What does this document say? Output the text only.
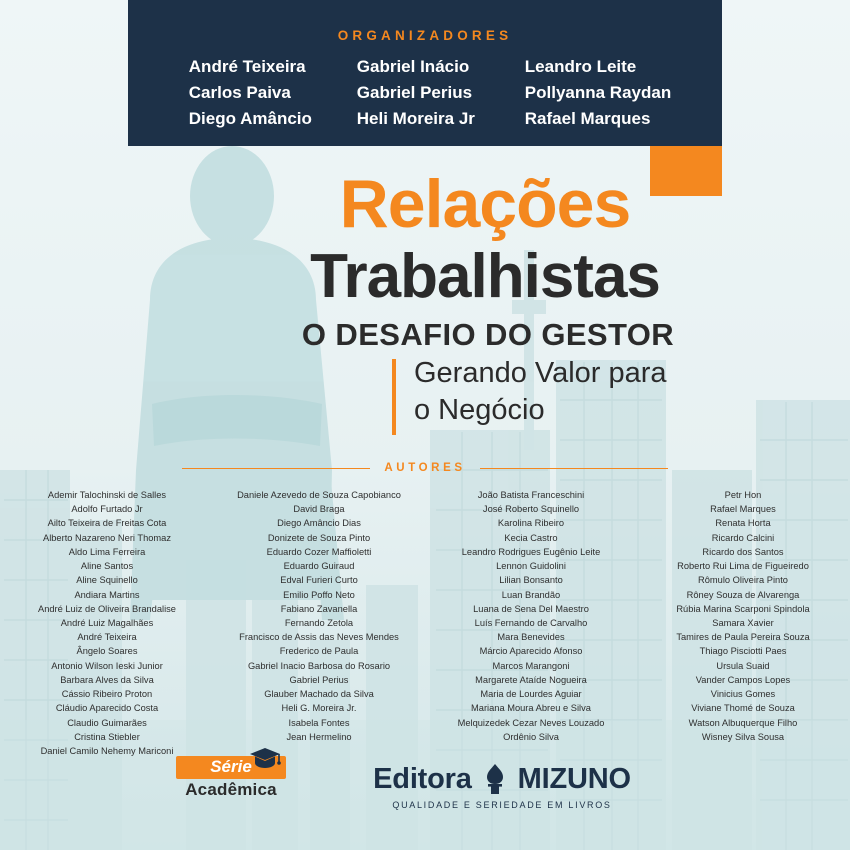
ORGANIZADORES
André Teixeira
Carlos Paiva
Diego Amâncio
Gabriel Inácio
Gabriel Perius
Heli Moreira Jr
Leandro Leite
Pollyanna Raydan
Rafael Marques
Relações
Trabalhistas
O DESAFIO DO GESTOR
Gerando Valor para o Negócio
AUTORES
Ademir Talochinski de Salles
Adolfo Furtado Jr
Ailto Teixeira de Freitas Cota
Alberto Nazareno Neri Thomaz
Aldo Lima Ferreira
Aline Santos
Aline Squinello
Andiara Martins
André Luiz de Oliveira Brandalise
André Luiz Magalhães
André Teixeira
Ângelo Soares
Antonio Wilson Ieski Junior
Barbara Alves da Silva
Cássio Ribeiro Proton
Cláudio Aparecido Costa
Claudio Guimarães
Cristina Stiebler
Daniel Camilo Nehemy Mariconi
Daniele Azevedo de Souza Capobianco
David Braga
Diego Amâncio Dias
Donizete de Souza Pinto
Eduardo Cozer Maffioletti
Eduardo Guiraud
Edval Furieri Curto
Emilio Poffo Neto
Fabiano Zavanella
Fernando Zetola
Francisco de Assis das Neves Mendes
Frederico de Paula
Gabriel Inacio Barbosa do Rosario
Gabriel Perius
Glauber Machado da Silva
Heli G. Moreira Jr.
Isabela Fontes
Jean Hermelino
João Batista Franceschini
José Roberto Squinello
Karolina Ribeiro
Kecia Castro
Leandro Rodrigues Eugênio Leite
Lennon Guidolini
Lilian Bonsanto
Luan Brandão
Luana de Sena Del Maestro
Luís Fernando de Carvalho
Mara Benevides
Márcio Aparecido Afonso
Marcos Marangoni
Margarete Ataíde Nogueira
Maria de Lourdes Aguiar
Mariana Moura Abreu e Silva
Melquizedek Cezar Neves Louzado
Ordênio Silva
Petr Hon
Rafael Marques
Renata Horta
Ricardo Calcini
Ricardo dos Santos
Roberto Rui Lima de Figueiredo
Rômulo Oliveira Pinto
Rôney Souza de Alvarenga
Rúbia Marina Scarponi Spindola
Samara Xavier
Tamires de Paula Pereira Souza
Thiago Pisciotti Paes
Ursula Suaid
Vander Campos Lopes
Vinicius Gomes
Viviane Thomé de Souza
Watson Albuquerque Filho
Wisney Silva Sousa
Série
Acadêmica	Editora MIZUNO
QUALIDADE E SERIEDADE EM LIVROS
